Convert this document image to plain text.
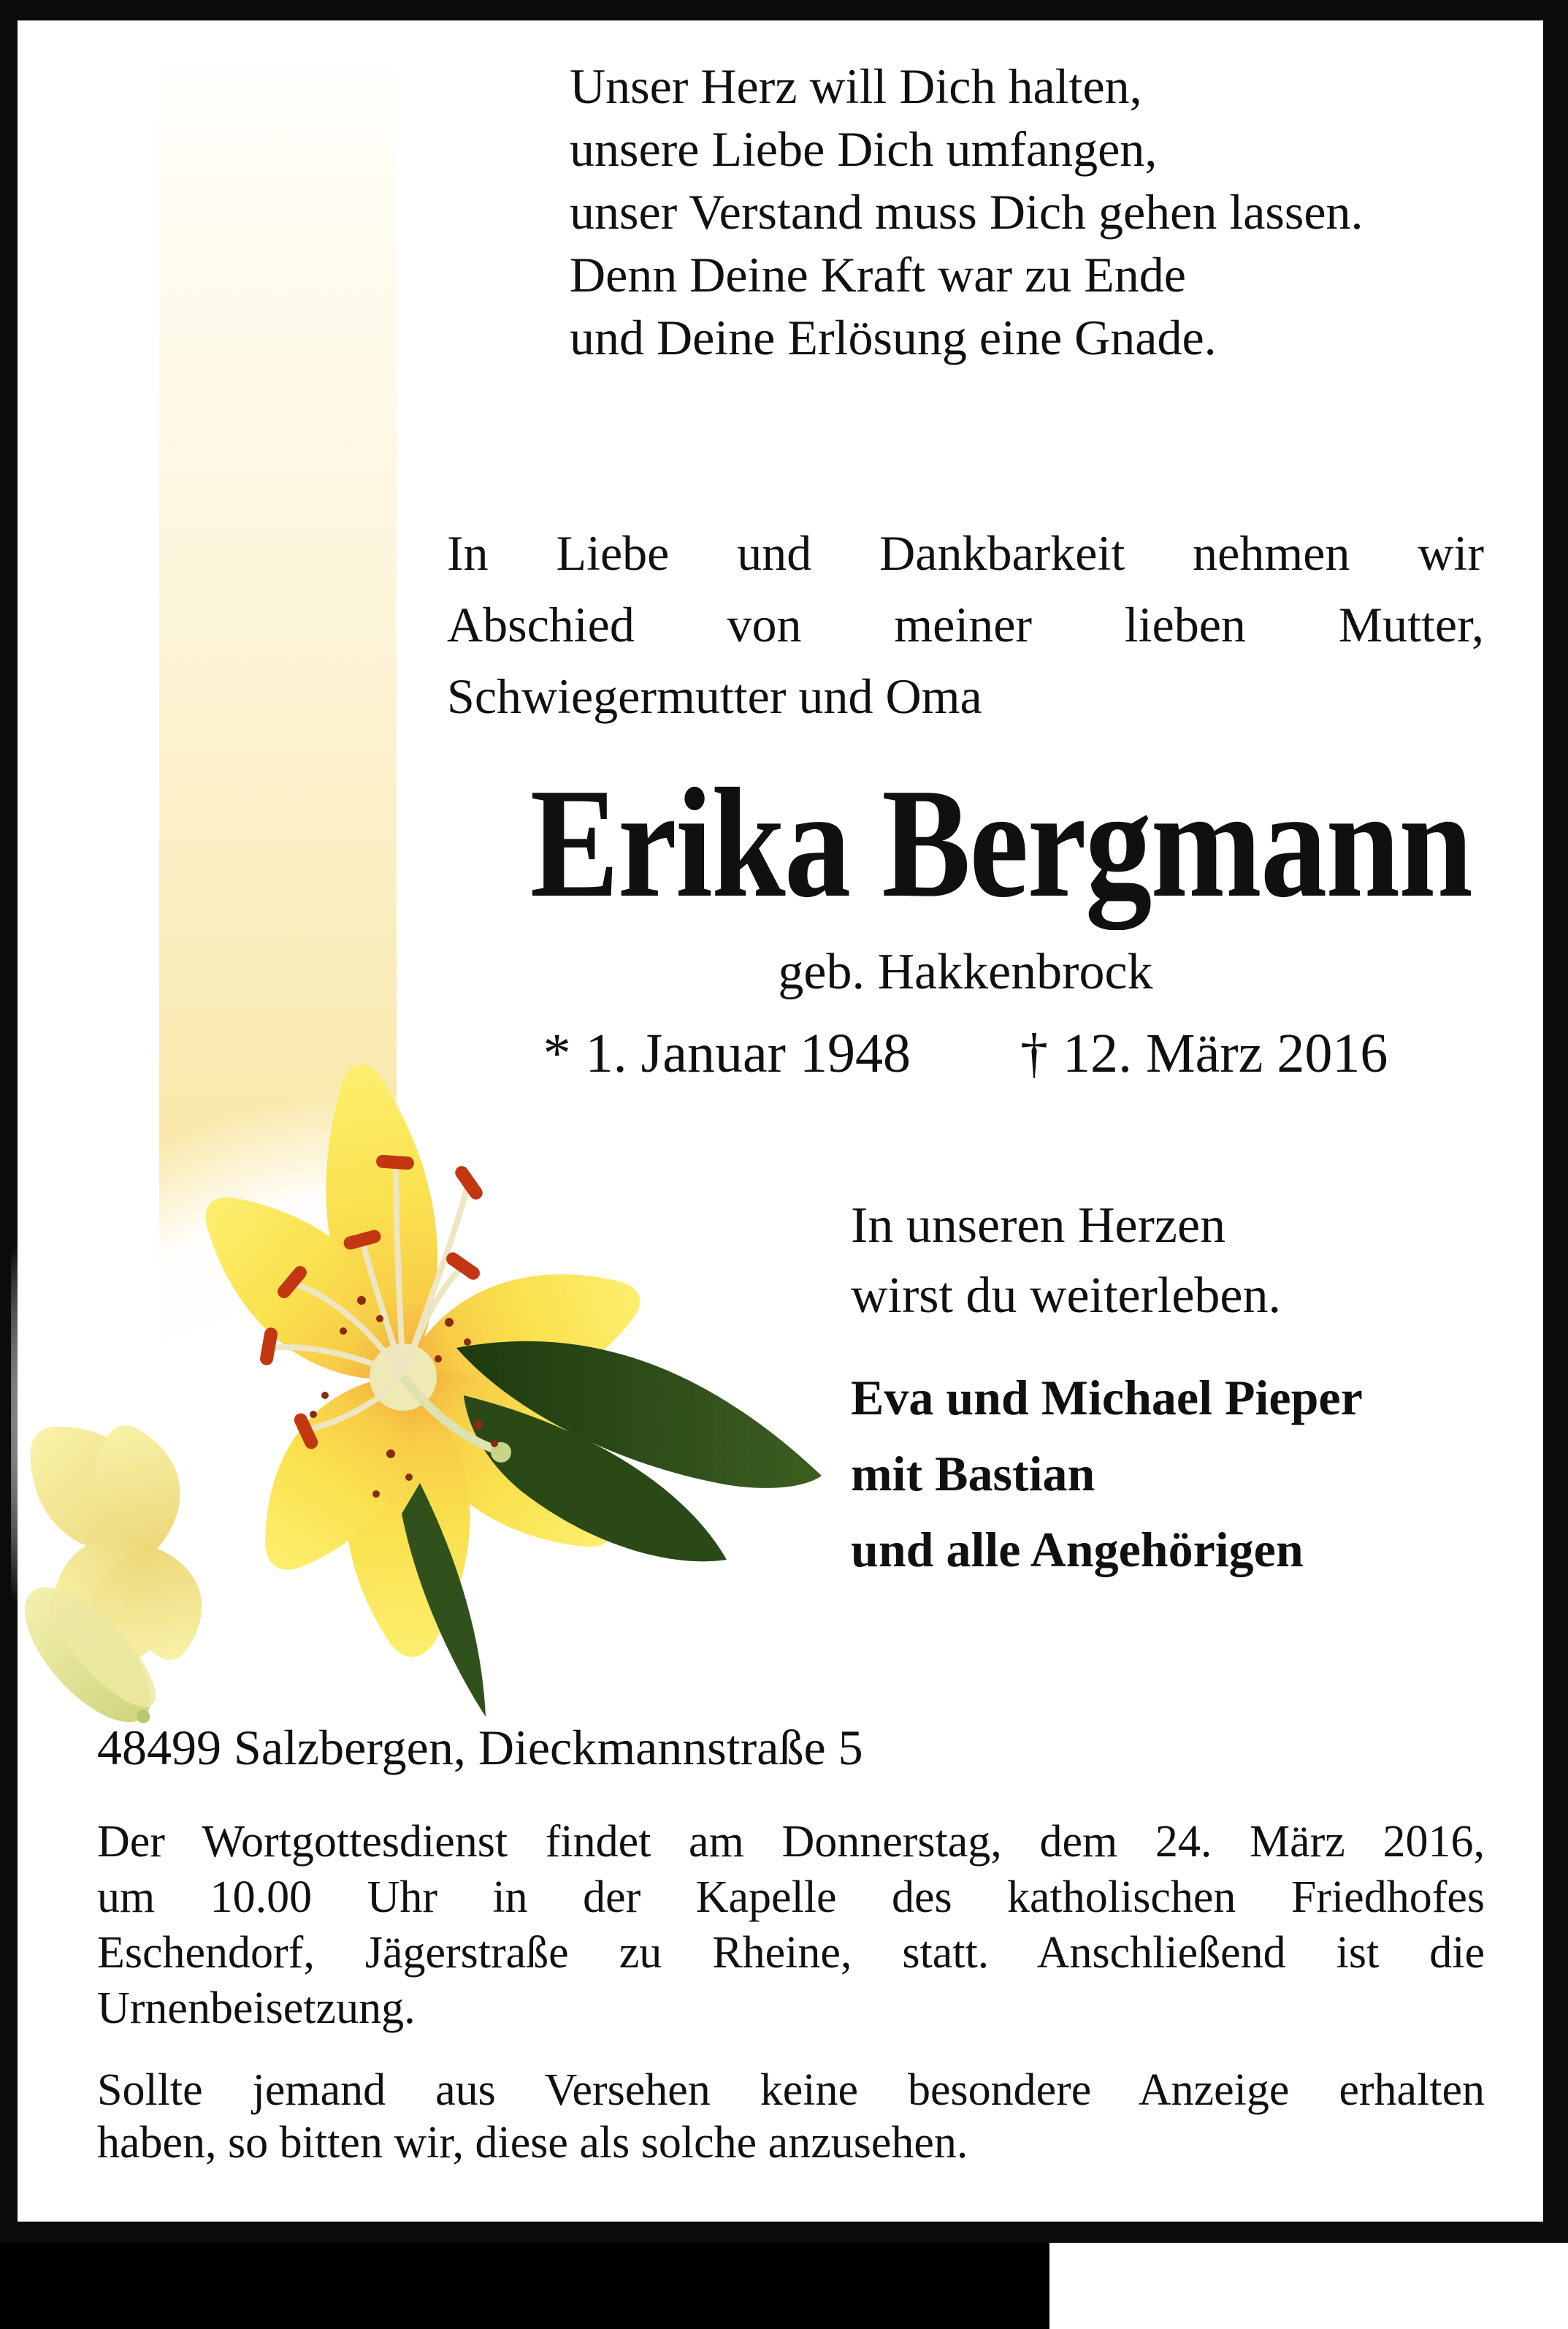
Unser Herz will Dich halten,
unsere Liebe Dich umfangen,
unser Verstand muss Dich gehen lassen.
Denn Deine Kraft war zu Ende
und Deine Erlösung eine Gnade.
In Liebe und Dankbarkeit nehmen wir
Abschied von meiner lieben Mutter,
Schwiegermutter und Oma
Erika Bergmann
geb. Hakkenbrock
* 1. Januar 1948 † 12. März 2016
In unseren Herzen
wirst du weiterleben.
Eva und Michael Pieper
mit Bastian
und alle Angehörigen
48499 Salzbergen, Dieckmannstraße 5
Der Wortgottesdienst findet am Donnerstag, dem 24. März 2016,
um 10.00 Uhr in der Kapelle des katholischen Friedhofes
Eschendorf, Jägerstraße zu Rheine, statt. Anschließend ist die
Urnenbeisetzung.
Sollte jemand aus Versehen keine besondere Anzeige erhalten
haben, so bitten wir, diese als solche anzusehen.
